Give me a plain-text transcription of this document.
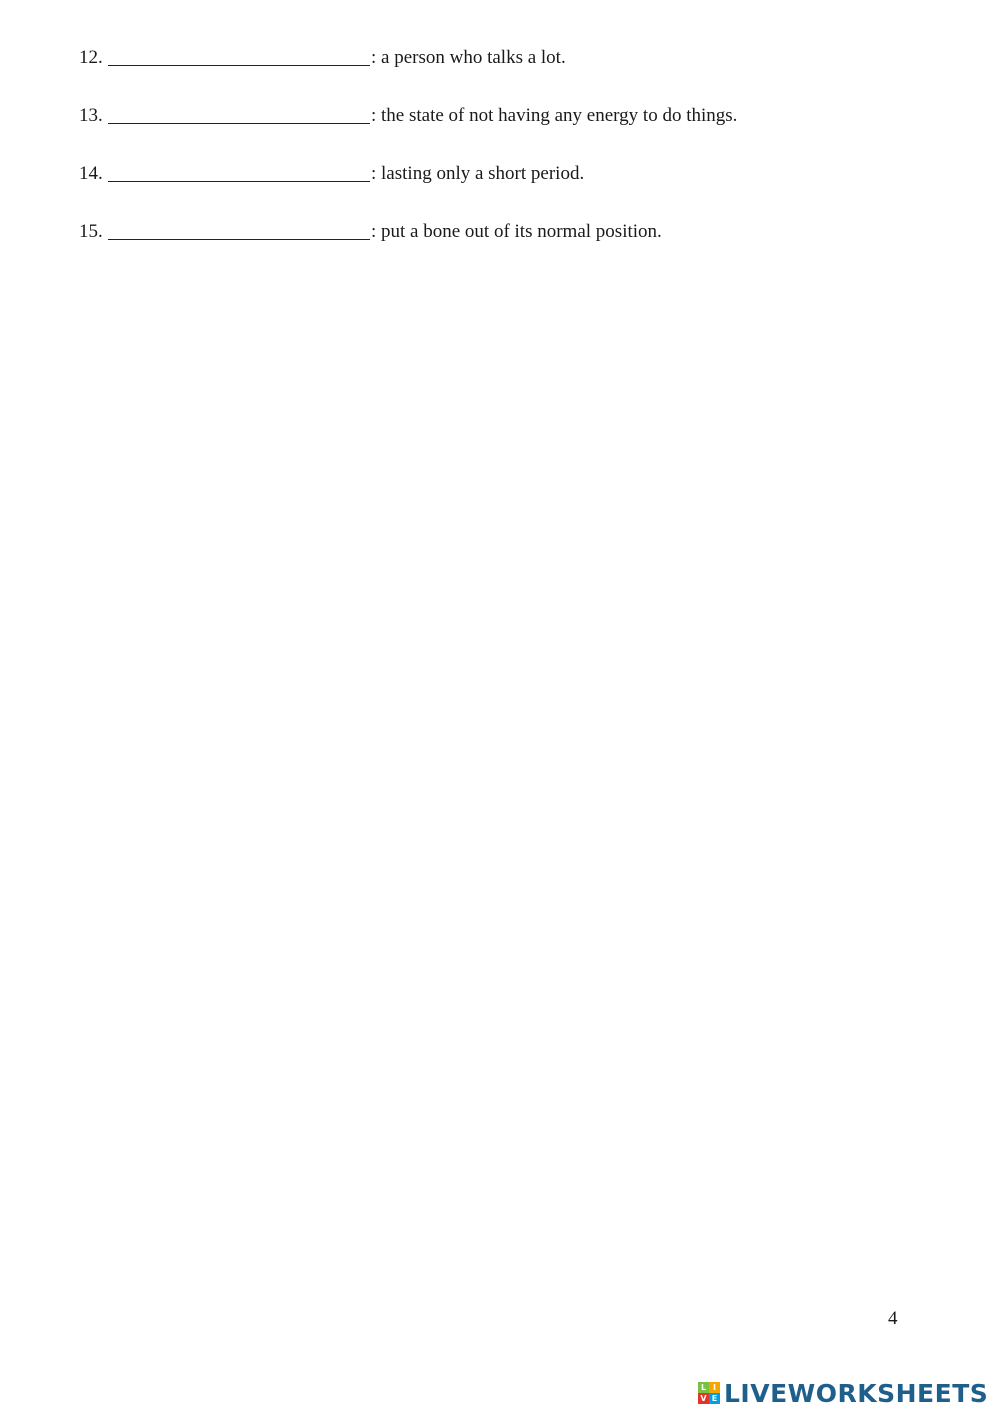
12.	: a person who talks a lot.
13.	: the state of not having any energy to do things.
14.	: lasting only a short period.
15.	: put a bone out of its normal position.
4
L I
V E LIVEWORKSHEETS
